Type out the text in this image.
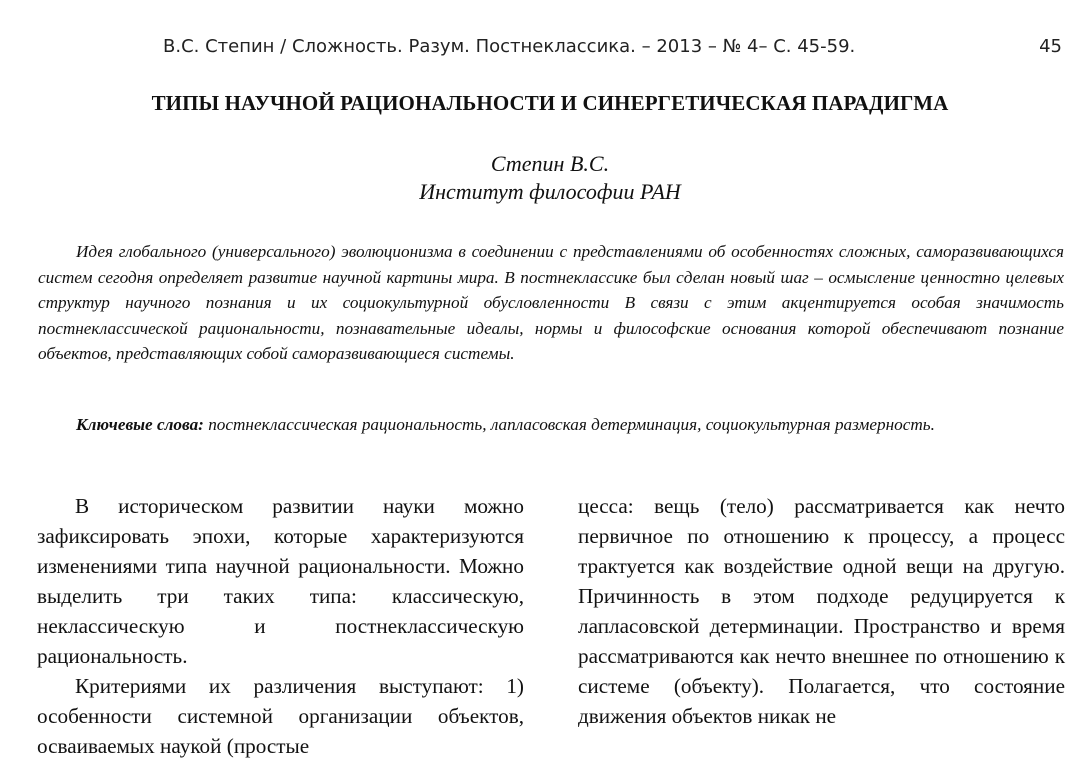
В.С. Степин / Сложность. Разум. Постнеклассика. – 2013 – № 4– С. 45-59.	45
ТИПЫ НАУЧНОЙ РАЦИОНАЛЬНОСТИ И СИНЕРГЕТИЧЕСКАЯ ПАРАДИГМА
Степин В.С.
Институт философии РАН

Идея глобального (универсального) эволюционизма в соединении с представлениями об особенностях сложных, саморазвивающихся систем сегодня определяет развитие научной картины мира. В постнеклассике был сделан новый шаг – осмысление ценностно целевых структур научного познания и их социокультурной обусловленности В связи с этим акцентируется особая значимость постнеклассической рациональности, познавательные идеалы, нормы и философские основания которой обеспечивают познание объектов, представляющих собой саморазвивающиеся системы.

Ключевые слова: постнеклассическая рациональность, лапласовская детерминация, социокультурная размерность.

В историческом развитии науки можно зафиксировать эпохи, которые характеризуются изменениями типа научной рациональности. Можно выделить три таких типа: классическую, неклассическую и постнеклассическую рациональность.

Критериями их различения выступают: 1) особенности системной организации объектов, осваиваемых наукой (простые

цесса: вещь (тело) рассматривается как нечто первичное по отношению к процессу, а процесс трактуется как воздействие одной вещи на другую. Причинность в этом подходе редуцируется к лапласовской детерминации. Пространство и время рассматриваются как нечто внешнее по отношению к системе (объекту). Полагается, что состояние движения объектов никак не
